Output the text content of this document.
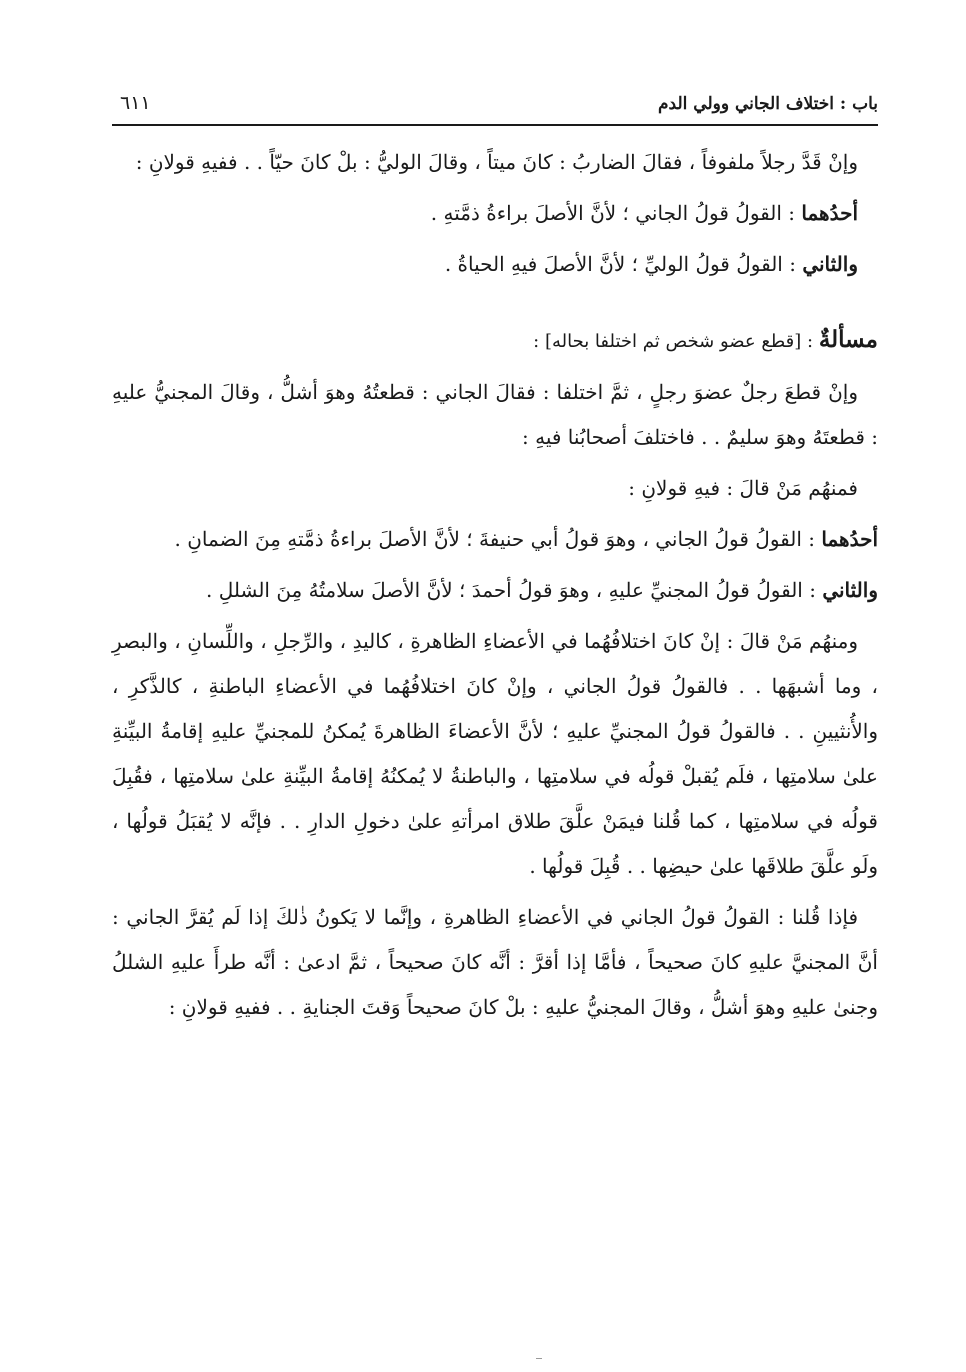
باب : اختلاف الجاني وولي الدم
٦١١

وإنْ قَدَّ رجلاً ملفوفاً ، فقالَ الضاربُ : كانَ ميتاً ، وقالَ الوليُّ : بلْ كانَ حيّاً . . ففيهِ قولانِ :

أحدُهما : القولُ قولُ الجاني ؛ لأنَّ الأصلَ براءةُ ذمَّتهِ .

والثاني : القولُ قولُ الوليِّ ؛ لأنَّ الأصلَ فيهِ الحياةُ .

مسألةٌ : [قطع عضو شخص ثم اختلفا بحاله] :

وإنْ قطعَ رجلٌ عضوَ رجلٍ ، ثمَّ اختلفا : فقالَ الجاني : قطعتُهُ وهوَ أشلُّ ، وقالَ المجنيُّ عليهِ : قطعتَهُ وهوَ سليمٌ . . فاختلفَ أصحابُنا فيهِ :

فمنهُم مَنْ قالَ : فيهِ قولانِ :

أحدُهما : القولُ قولُ الجاني ، وهوَ قولُ أبي حنيفةَ ؛ لأنَّ الأصلَ براءةُ ذمَّتهِ مِنَ الضمانِ .

والثاني : القولُ قولُ المجنيِّ عليهِ ، وهوَ قولُ أحمدَ ؛ لأنَّ الأصلَ سلامتُهُ مِنَ الشللِ .

ومنهُم مَنْ قالَ : إنْ كانَ اختلافُهُما في الأعضاءِ الظاهرةِ ، كاليدِ ، والرِّجلِ ، واللِّسانِ ، والبصرِ ، وما أشبهَها . . فالقولُ قولُ الجاني ، وإنْ كانَ اختلافُهُما في الأعضاءِ الباطنةِ ، كالذَّكرِ ، والأُنثيينِ . . فالقولُ قولُ المجنيِّ عليهِ ؛ لأنَّ الأعضاءَ الظاهرةَ يُمكنُ للمجنيِّ عليهِ إقامةُ البيِّنةِ علىٰ سلامتِها ، فلَم يُقبلْ قولُه في سلامتِها ، والباطنةُ لا يُمكنُهُ إقامةُ البيِّنةِ علىٰ سلامتِها ، فقُبِلَ قولُه في سلامتِها ، كما قُلنا فيمَنْ علَّقَ طلاق امرأتهِ علىٰ دخولِ الدارِ . . فإنَّه لا يُقبَلُ قولُها ، ولَو علَّقَ طلاقَها علىٰ حيضِها . . قُبِلَ قولُها .

فإذا قُلنا : القولُ قولُ الجاني في الأعضاءِ الظاهرةِ ، وإنَّما لا يَكونُ ذٰلكَ إذا لَم يُقرَّ الجاني : أنَّ المجنيَّ عليهِ كانَ صحيحاً ، فأمَّا إذا أقرَّ : أنَّه كانَ صحيحاً ، ثمَّ ادعىٰ : أنَّه طرأَ عليهِ الشللُ وجنىٰ عليهِ وهوَ أشلُّ ، وقالَ المجنيُّ عليهِ : بلْ كانَ صحيحاً وَقتَ الجنايةِ . . ففيهِ قولانِ :
